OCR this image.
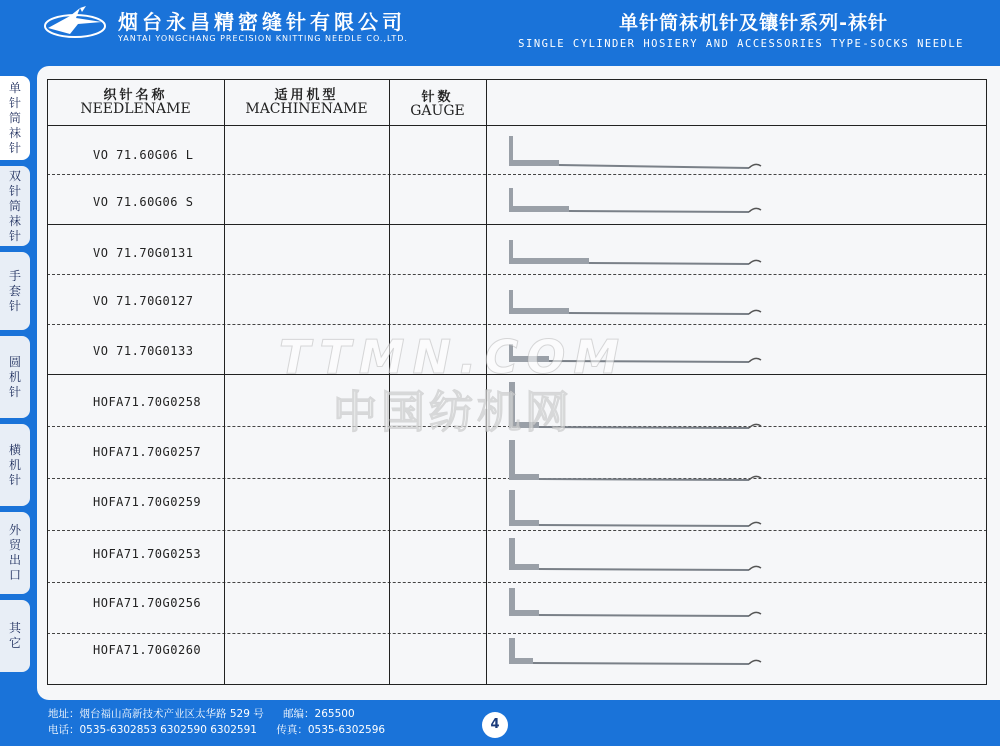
烟台永昌精密缝针有限公司
YANTAI YONGCHANG PRECISION KNITTING NEEDLE CO.,LTD.
单针筒袜机针及镶针系列-袜针
SINGLE CYLINDER HOSIERY AND ACCESSORIES TYPE-SOCKS NEEDLE
单针筒袜针
双针筒袜针
手套针
圆机针
横机针
外贸出口
其它
织针名称
NEEDLENAME
适用机型
MACHINENAME
针数
GAUGE
VO 71.60G06 L
VO 71.60G06 S
VO 71.70G0131
VO 71.70G0127
VO 71.70G0133
HOFA71.70G0258
HOFA71.70G0257
HOFA71.70G0259
HOFA71.70G0253
HOFA71.70G0256
HOFA71.70G0260
TTMN.COM
中国纺机网
地址：烟台福山高新技术产业区太华路 529 号 邮编：265500
电话：0535-6302853 6302590 6302591 传真：0535-6302596	4
